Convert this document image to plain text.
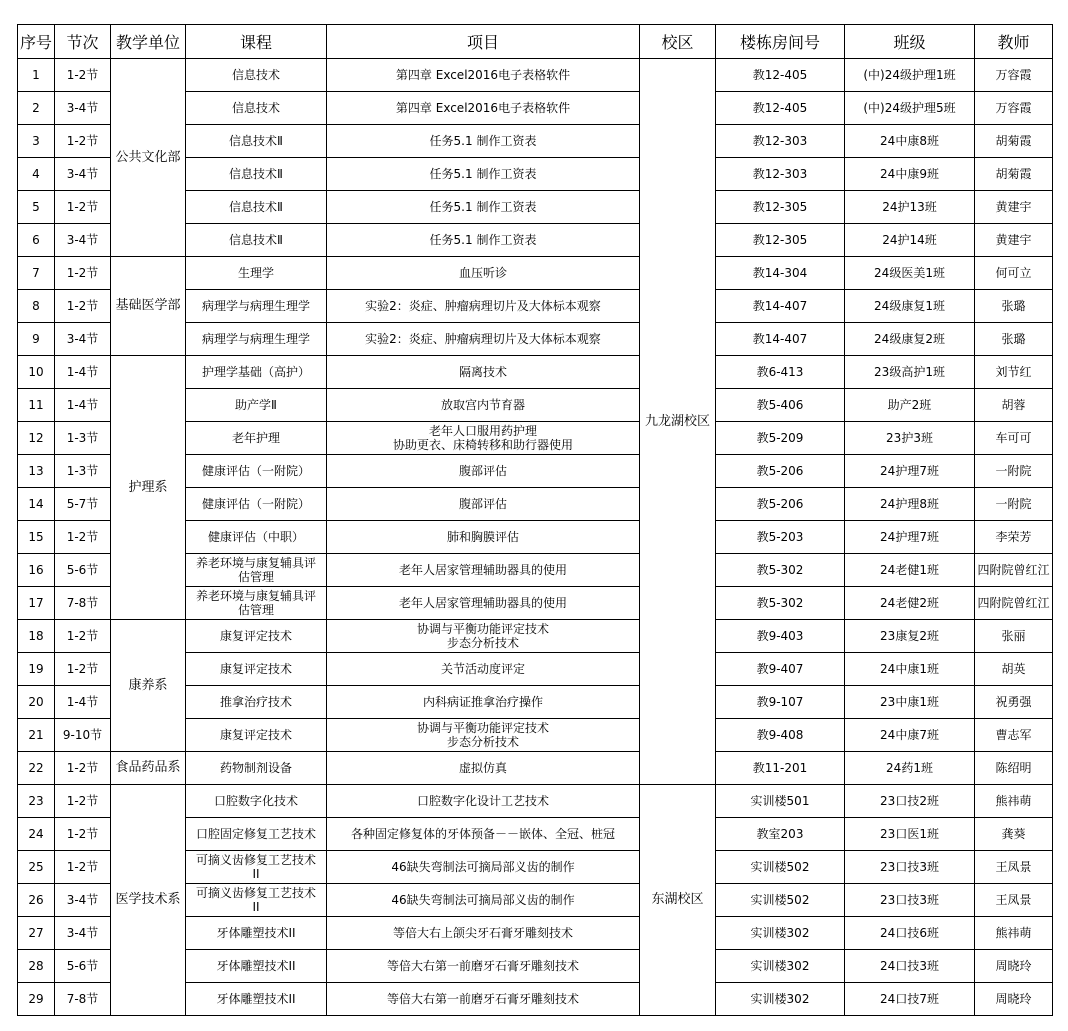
序号	节次	教学单位	课程	项目	校区	楼栋房间号	班级	教师
1	1-2节	公共文化部	信息技术	第四章 Excel2016电子表格软件	九龙湖校区	教12-405	(中)24级护理1班	万容霞
2	3-4节		信息技术	第四章 Excel2016电子表格软件		教12-405	(中)24级护理5班	万容霞
3	1-2节		信息技术Ⅱ	任务5.1 制作工资表		教12-303	24中康8班	胡菊霞
4	3-4节		信息技术Ⅱ	任务5.1 制作工资表		教12-303	24中康9班	胡菊霞
5	1-2节		信息技术Ⅱ	任务5.1 制作工资表		教12-305	24护13班	黄建宇
6	3-4节		信息技术Ⅱ	任务5.1 制作工资表		教12-305	24护14班	黄建宇
7	1-2节	基础医学部	生理学	血压听诊		教14-304	24级医美1班	何可立
8	1-2节		病理学与病理生理学	实验2：炎症、肿瘤病理切片及大体标本观察		教14-407	24级康复1班	张璐
9	3-4节		病理学与病理生理学	实验2：炎症、肿瘤病理切片及大体标本观察		教14-407	24级康复2班	张璐
10	1-4节	护理系	护理学基础（高护）	隔离技术		教6-413	23级高护1班	刘节红
11	1-4节		助产学Ⅱ	放取宫内节育器		教5-406	助产2班	胡蓉
12	1-3节		老年护理	老年人口服用药护理
协助更衣、床椅转移和助行器使用		教5-209	23护3班	车可可
13	1-3节		健康评估（一附院）	腹部评估		教5-206	24护理7班	一附院
14	5-7节		健康评估（一附院）	腹部评估		教5-206	24护理8班	一附院
15	1-2节		健康评估（中职）	肺和胸膜评估		教5-203	24护理7班	李荣芳
16	5-6节		养老环境与康复辅具评
估管理	老年人居家管理辅助器具的使用		教5-302	24老健1班	四附院曾红江
17	7-8节		养老环境与康复辅具评
估管理	老年人居家管理辅助器具的使用		教5-302	24老健2班	四附院曾红江
18	1-2节	康养系	康复评定技术	协调与平衡功能评定技术
步态分析技术		教9-403	23康复2班	张丽
19	1-2节		康复评定技术	关节活动度评定		教9-407	24中康1班	胡英
20	1-4节		推拿治疗技术	内科病证推拿治疗操作		教9-107	23中康1班	祝勇强
21	9-10节		康复评定技术	协调与平衡功能评定技术
步态分析技术		教9-408	24中康7班	曹志军
22	1-2节	食品药品系	药物制剂设备	虚拟仿真		教11-201	24药1班	陈绍明
23	1-2节	医学技术系	口腔数字化技术	口腔数字化设计工艺技术	东湖校区	实训楼501	23口技2班	熊祎萌
24	1-2节		口腔固定修复工艺技术	各种固定修复体的牙体预备－－嵌体、全冠、桩冠		教室203	23口医1班	龚葵
25	1-2节		可摘义齿修复工艺技术
II	46缺失弯制法可摘局部义齿的制作		实训楼502	23口技3班	王凤景
26	3-4节		可摘义齿修复工艺技术
II	46缺失弯制法可摘局部义齿的制作		实训楼502	23口技3班	王凤景
27	3-4节		牙体雕塑技术II	等倍大右上颌尖牙石膏牙雕刻技术		实训楼302	24口技6班	熊祎萌
28	5-6节		牙体雕塑技术II	等倍大右第一前磨牙石膏牙雕刻技术		实训楼302	24口技3班	周晓玲
29	7-8节		牙体雕塑技术II	等倍大右第一前磨牙石膏牙雕刻技术		实训楼302	24口技7班	周晓玲
